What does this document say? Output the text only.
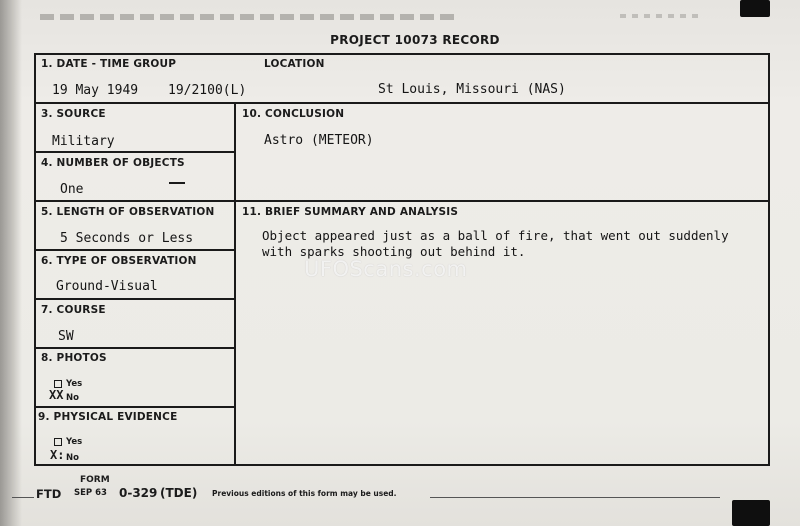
PROJECT 10073 RECORD
1. DATE - TIME GROUP
19 May 1949 19/2100(L)
LOCATION
St Louis, Missouri (NAS)
3. SOURCE
Military
4. NUMBER OF OBJECTS
One
5. LENGTH OF OBSERVATION
5 Seconds or Less
6. TYPE OF OBSERVATION
Ground-Visual
7. COURSE
SW
8. PHOTOS
Yes
XX No
9. PHYSICAL EVIDENCE
Yes
X: No
10. CONCLUSION
Astro (METEOR)
11. BRIEF SUMMARY AND ANALYSIS
Object appeared just as a ball of fire, that went out suddenly
with sparks shooting out behind it.
UFOScans.com
FORM
FTD SEP 63 0-329 (TDE) Previous editions of this form may be used.
